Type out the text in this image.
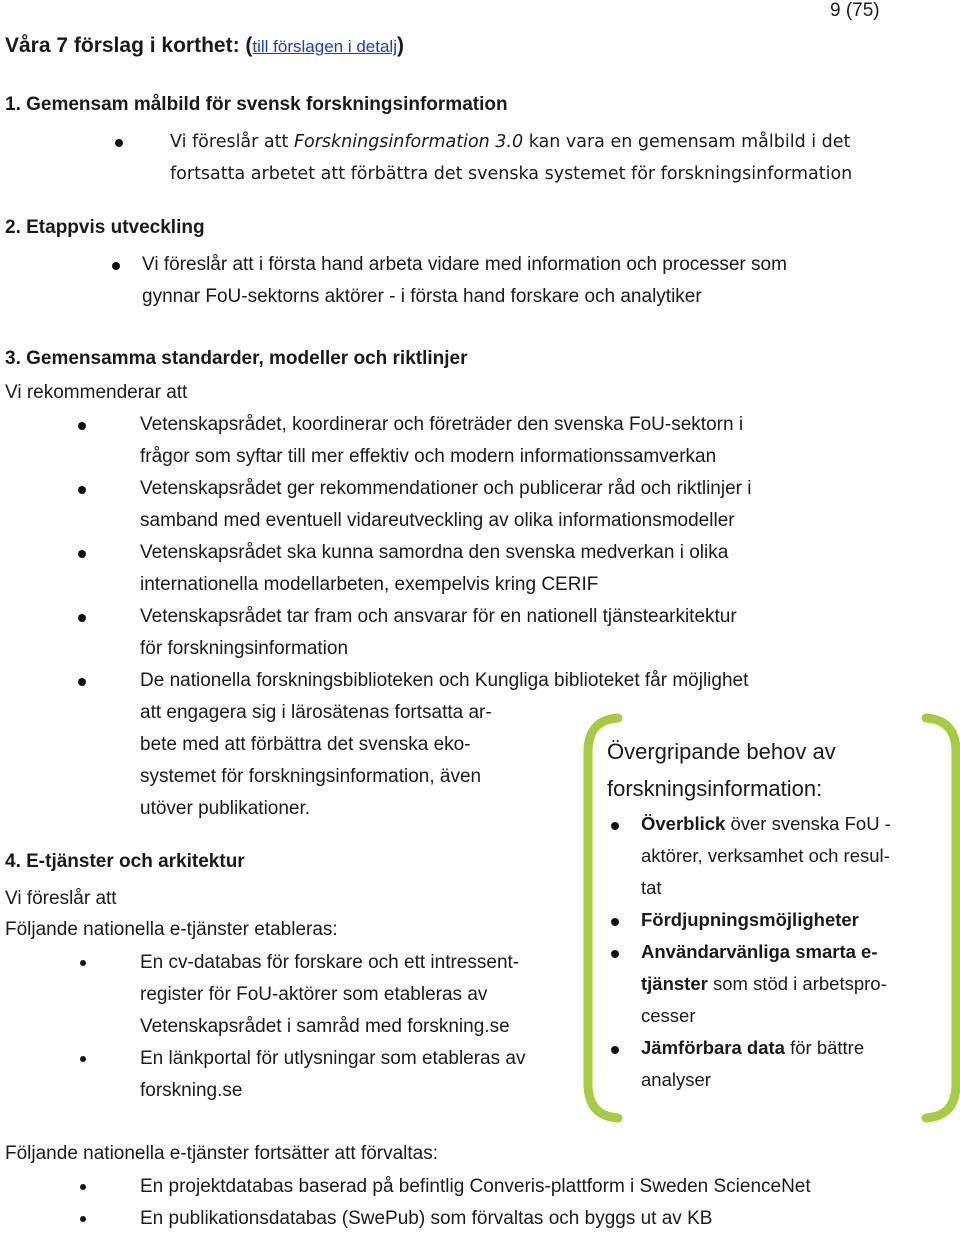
9 (75)
Våra 7 förslag i korthet: (till förslagen i detalj)
1. Gemensam målbild för svensk forskningsinformation
Vi föreslår att Forskningsinformation 3.0 kan vara en gemensam målbild i det
fortsatta arbetet att förbättra det svenska systemet för forskningsinformation
2. Etappvis utveckling
Vi föreslår att i första hand arbeta vidare med information och processer som
gynnar FoU-sektorns aktörer - i första hand forskare och analytiker
3. Gemensamma standarder, modeller och riktlinjer
Vi rekommenderar att
Vetenskapsrådet, koordinerar och företräder den svenska FoU-sektorn i
frågor som syftar till mer effektiv och modern informationssamverkan
Vetenskapsrådet ger rekommendationer och publicerar råd och riktlinjer i
samband med eventuell vidareutveckling av olika informationsmodeller
Vetenskapsrådet ska kunna samordna den svenska medverkan i olika
internationella modellarbeten, exempelvis kring CERIF
Vetenskapsrådet tar fram och ansvarar för en nationell tjänstearkitektur
för forskningsinformation
De nationella forskningsbiblioteken och Kungliga biblioteket får möjlighet
att engagera sig i lärosätenas fortsatta ar-
bete med att förbättra det svenska eko-
systemet för forskningsinformation, även
utöver publikationer.
4. E-tjänster och arkitektur
Vi föreslår att
Följande nationella e-tjänster etableras:
En cv-databas för forskare och ett intressent-
register för FoU-aktörer som etableras av
Vetenskapsrådet i samråd med forskning.se
En länkportal för utlysningar som etableras av
forskning.se
Följande nationella e-tjänster fortsätter att förvaltas:
En projektdatabas baserad på befintlig Converis-plattform i Sweden ScienceNet
En publikationsdatabas (SwePub) som förvaltas och byggs ut av KB
Övergripande behov av
forskningsinformation:
Överblick över svenska FoU -
aktörer, verksamhet och resul-
tat
Fördjupningsmöjligheter
Användarvänliga smarta e-
tjänster som stöd i arbetspro-
cesser
Jämförbara data för bättre
analyser
